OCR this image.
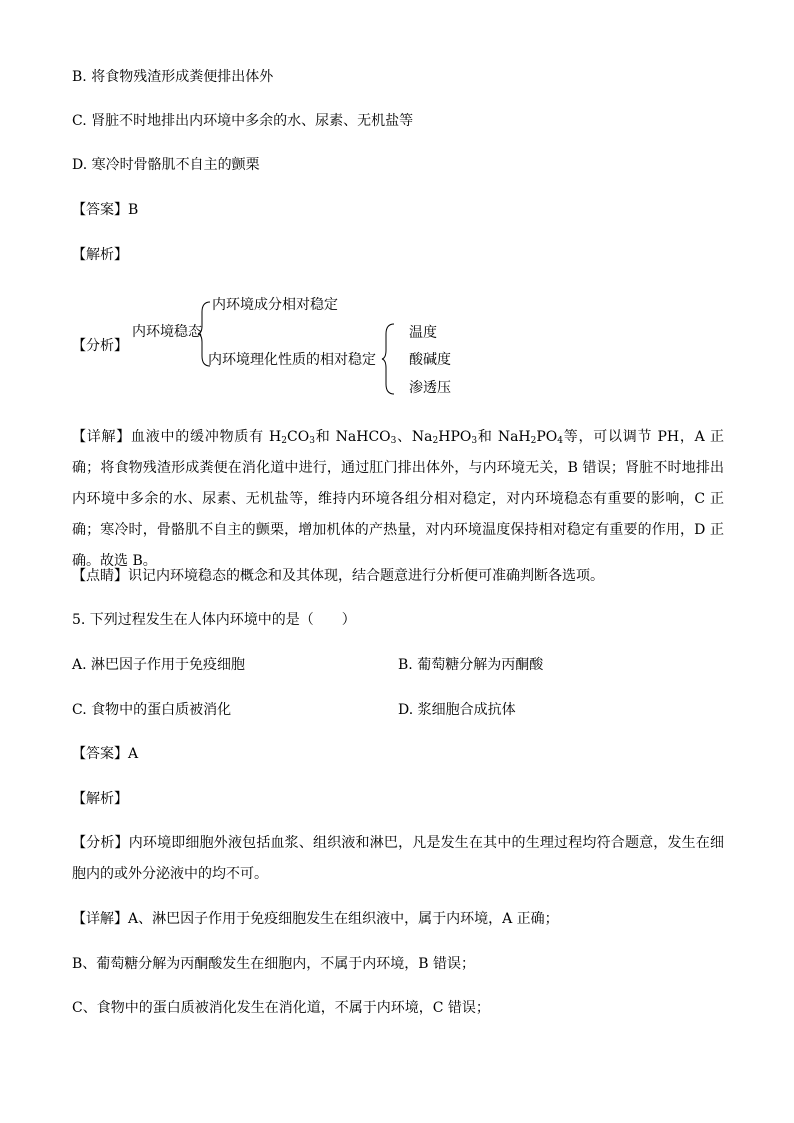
B. 将食物残渣形成粪便排出体外
C. 肾脏不时地排出内环境中多余的水、尿素、无机盐等
D. 寒冷时骨骼肌不自主的颤栗
【答案】B
【解析】
【分析】
内环境稳态
内环境成分相对稳定
内环境理化性质的相对稳定
温度
酸碱度
渗透压
【详解】血液中的缓冲物质有 $H_2CO_3$和 NaHCO$_3$、$Na_2HPO_3$和 $NaH_2PO_4$等，可以调节 PH，A 正确；将食物残渣形成粪便在消化道中进行，通过肛门排出体外，与内环境无关，B 错误；肾脏不时地排出内环境中多余的水、尿素、无机盐等，维持内环境各组分相对稳定，对内环境稳态有重要的影响，C 正确；寒冷时，骨骼肌不自主的颤栗，增加机体的产热量，对内环境温度保持相对稳定有重要的作用，D 正确。故选 B。
【点睛】识记内环境稳态的概念和及其体现，结合题意进行分析便可准确判断各选项。
5. 下列过程发生在人体内环境中的是（　　）
A. 淋巴因子作用于免疫细胞	B. 葡萄糖分解为丙酮酸
C. 食物中的蛋白质被消化	D. 浆细胞合成抗体
【答案】A
【解析】
【分析】内环境即细胞外液包括血浆、组织液和淋巴，凡是发生在其中的生理过程均符合题意，发生在细胞内的或外分泌液中的均不可。
【详解】A、淋巴因子作用于免疫细胞发生在组织液中，属于内环境，A 正确；
B、葡萄糖分解为丙酮酸发生在细胞内，不属于内环境，B 错误；
C、食物中的蛋白质被消化发生在消化道，不属于内环境，C 错误；
